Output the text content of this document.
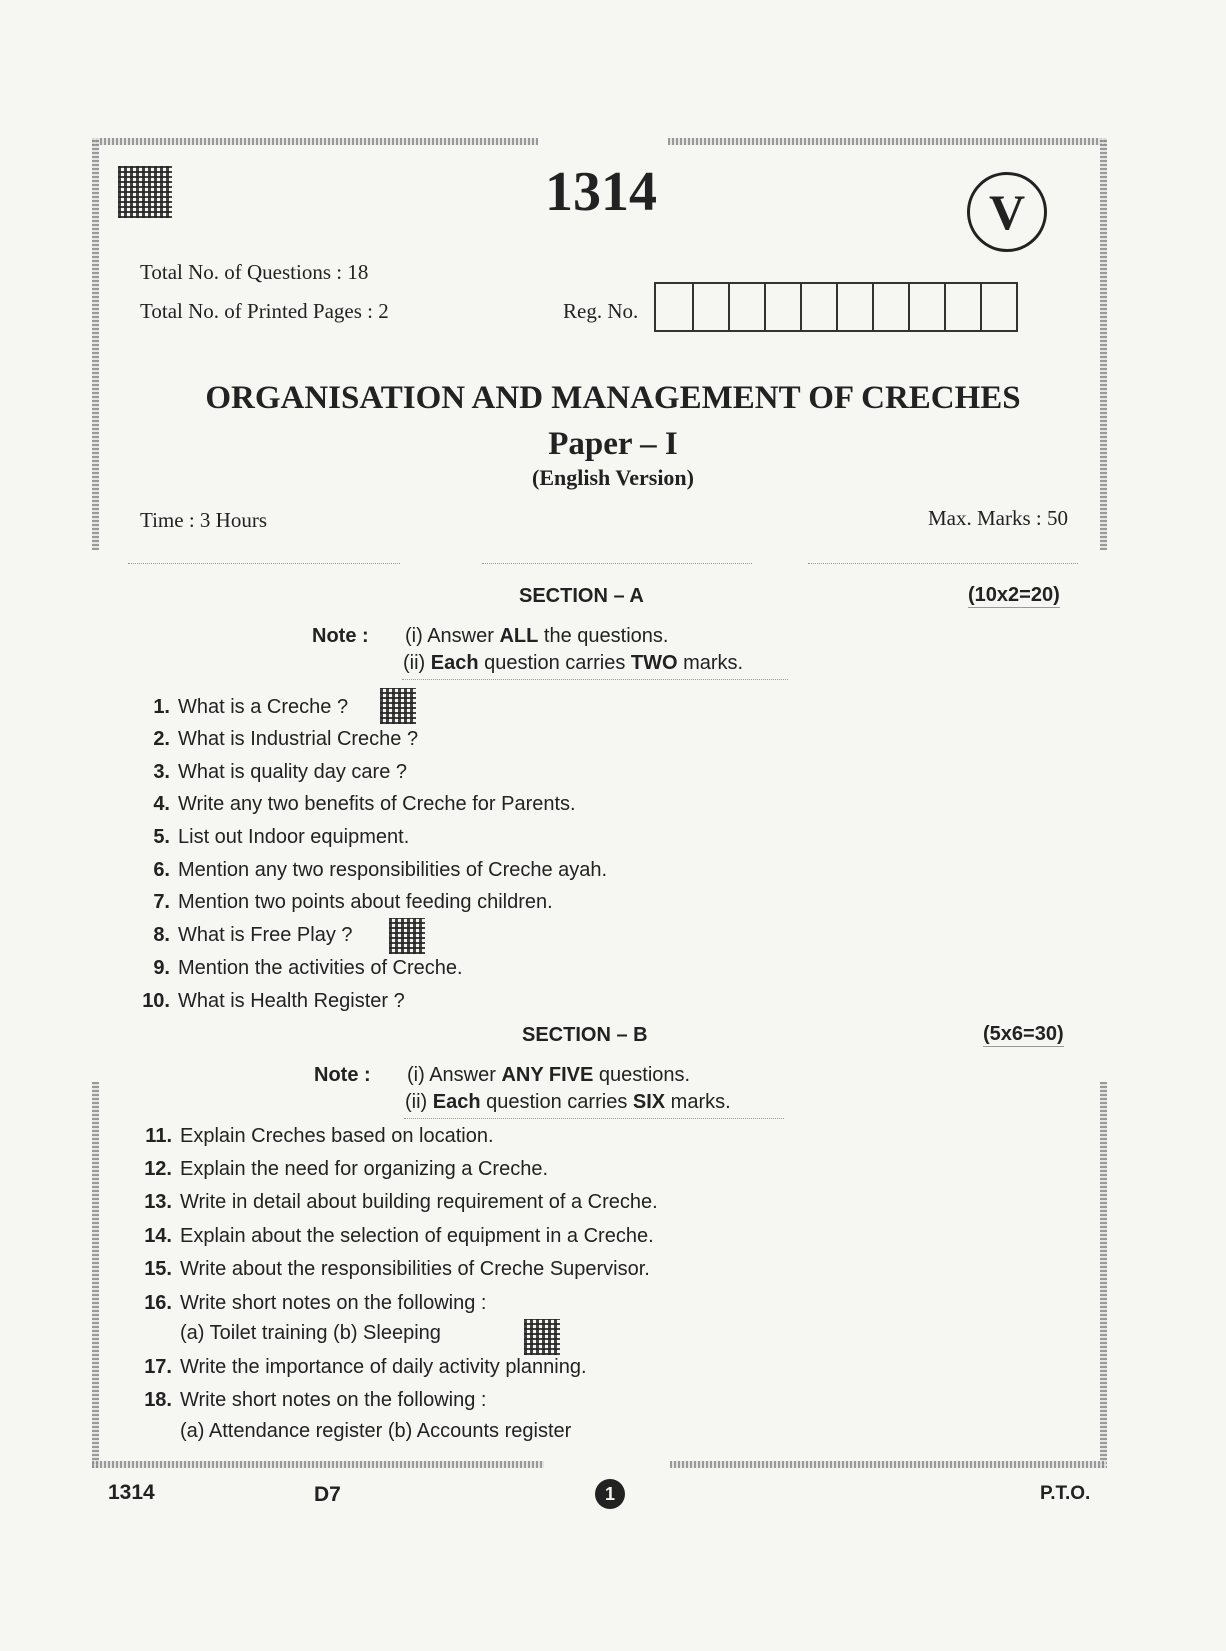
1314	V
Total No. of Questions : 18
Total No. of Printed Pages : 2	Reg. No.
ORGANISATION AND MANAGEMENT OF CRECHES
Paper – I
(English Version)
Time : 3 Hours	Max. Marks : 50
SECTION – A	(10x2=20)
Note : (i) Answer ALL the questions.
(ii) Each question carries TWO marks.
1. What is a Creche ?
2. What is Industrial Creche ?
3. What is quality day care ?
4. Write any two benefits of Creche for Parents.
5. List out Indoor equipment.
6. Mention any two responsibilities of Creche ayah.
7. Mention two points about feeding children.
8. What is Free Play ?
9. Mention the activities of Creche.
10. What is Health Register ?
SECTION – B	(5x6=30)
Note : (i) Answer ANY FIVE questions.
(ii) Each question carries SIX marks.
11. Explain Creches based on location.
12. Explain the need for organizing a Creche.
13. Write in detail about building requirement of a Creche.
14. Explain about the selection of equipment in a Creche.
15. Write about the responsibilities of Creche Supervisor.
16. Write short notes on the following :
(a) Toilet training (b) Sleeping
17. Write the importance of daily activity planning.
18. Write short notes on the following :
(a) Attendance register (b) Accounts register
1314	D7	1	P.T.O.
